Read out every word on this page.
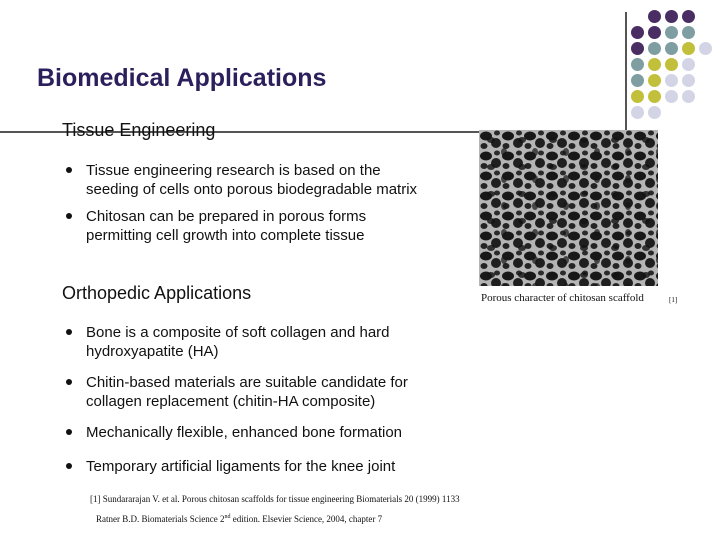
Biomedical Applications
Tissue Engineering
Tissue engineering research is based on the
seeding of cells onto porous biodegradable matrix
Chitosan can be prepared in porous forms
permitting cell growth into complete tissue
Orthopedic Applications
Bone is a composite of soft collagen and hard
hydroxyapatite (HA)
Chitin-based materials are suitable candidate for
collagen replacement (chitin-HA composite)
Mechanically flexible, enhanced bone formation
Temporary artificial ligaments for the knee joint
Porous character of chitosan scaffold	[1]
[1] Sundararajan V. et al. Porous chitosan scaffolds for tissue engineering Biomaterials 20 (1999) 1133
Ratner B.D. Biomaterials Science 2nd edition. Elsevier Science, 2004, chapter 7
